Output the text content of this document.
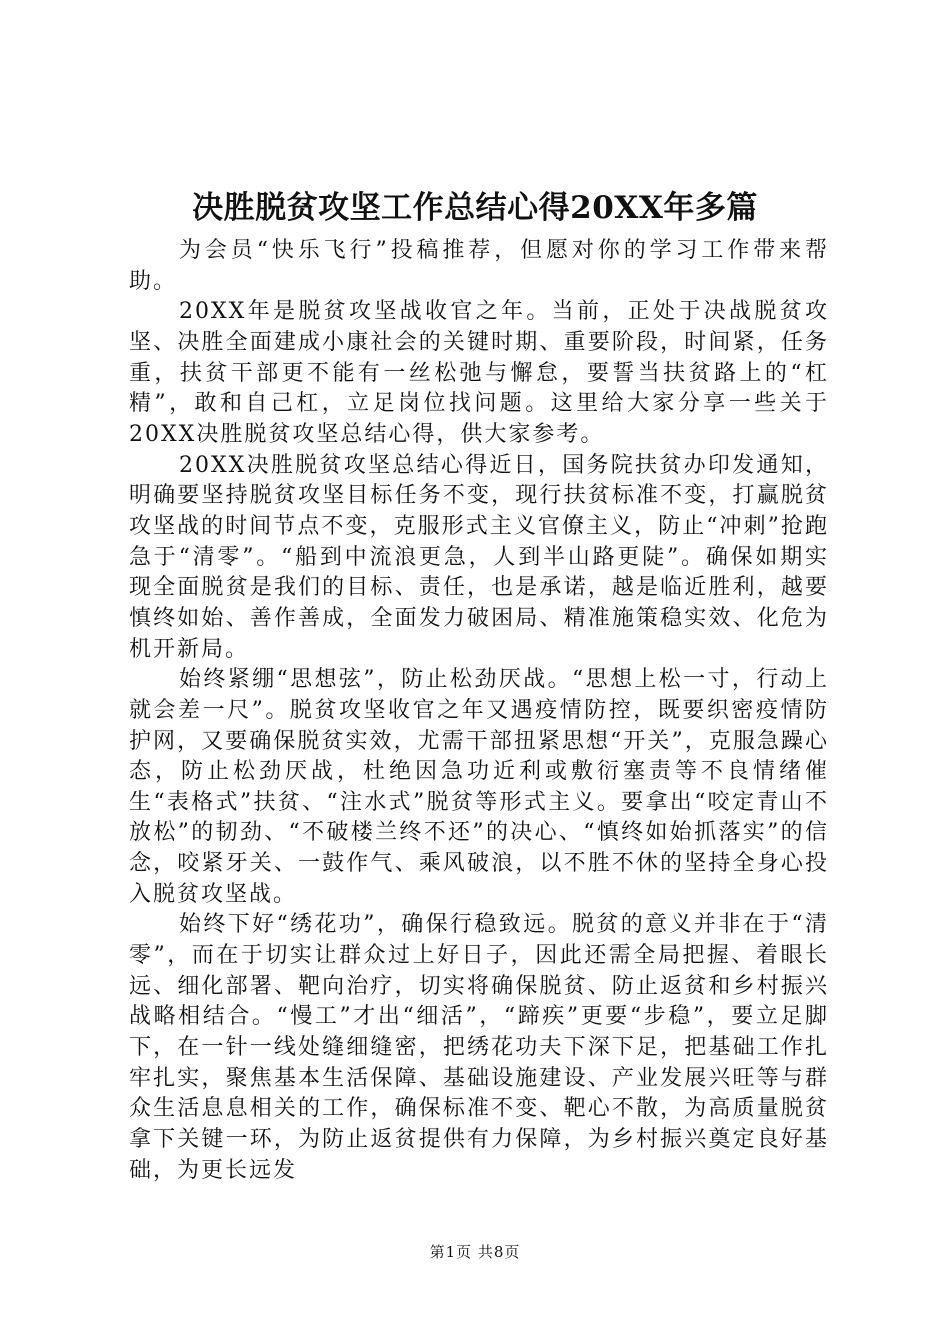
决胜脱贫攻坚工作总结心得20XX年多篇

为会员“快乐飞行”投稿推荐，但愿对你的学习工作带来帮助。

20XX年是脱贫攻坚战收官之年。当前，正处于决战脱贫攻坚、决胜全面建成小康社会的关键时期、重要阶段，时间紧，任务重，扶贫干部更不能有一丝松弛与懈怠，要誓当扶贫路上的“杠精”，敢和自己杠，立足岗位找问题。这里给大家分享一些关于20XX决胜脱贫攻坚总结心得，供大家参考。

20XX决胜脱贫攻坚总结心得近日，国务院扶贫办印发通知，明确要坚持脱贫攻坚目标任务不变，现行扶贫标准不变，打赢脱贫攻坚战的时间节点不变，克服形式主义官僚主义，防止“冲刺”抢跑急于“清零”。“船到中流浪更急，人到半山路更陡”。确保如期实现全面脱贫是我们的目标、责任，也是承诺，越是临近胜利，越要慎终如始、善作善成，全面发力破困局、精准施策稳实效、化危为机开新局。

始终紧绷“思想弦”，防止松劲厌战。“思想上松一寸，行动上就会差一尺”。脱贫攻坚收官之年又遇疫情防控，既要织密疫情防护网，又要确保脱贫实效，尤需干部扭紧思想“开关”，克服急躁心态，防止松劲厌战，杜绝因急功近利或敷衍塞责等不良情绪催生“表格式”扶贫、“注水式”脱贫等形式主义。要拿出“咬定青山不放松”的韧劲、“不破楼兰终不还”的决心、“慎终如始抓落实”的信念，咬紧牙关、一鼓作气、乘风破浪，以不胜不休的坚持全身心投入脱贫攻坚战。

始终下好“绣花功”，确保行稳致远。脱贫的意义并非在于“清零”，而在于切实让群众过上好日子，因此还需全局把握、着眼长远、细化部署、靶向治疗，切实将确保脱贫、防止返贫和乡村振兴战略相结合。“慢工”才出“细活”，“蹄疾”更要“步稳”，要立足脚下，在一针一线处缝细缝密，把绣花功夫下深下足，把基础工作扎牢扎实，聚焦基本生活保障、基础设施建设、产业发展兴旺等与群众生活息息相关的工作，确保标准不变、靶心不散，为高质量脱贫拿下关键一环，为防止返贫提供有力保障，为乡村振兴奠定良好基础，为更长远发

第1页 共8页
